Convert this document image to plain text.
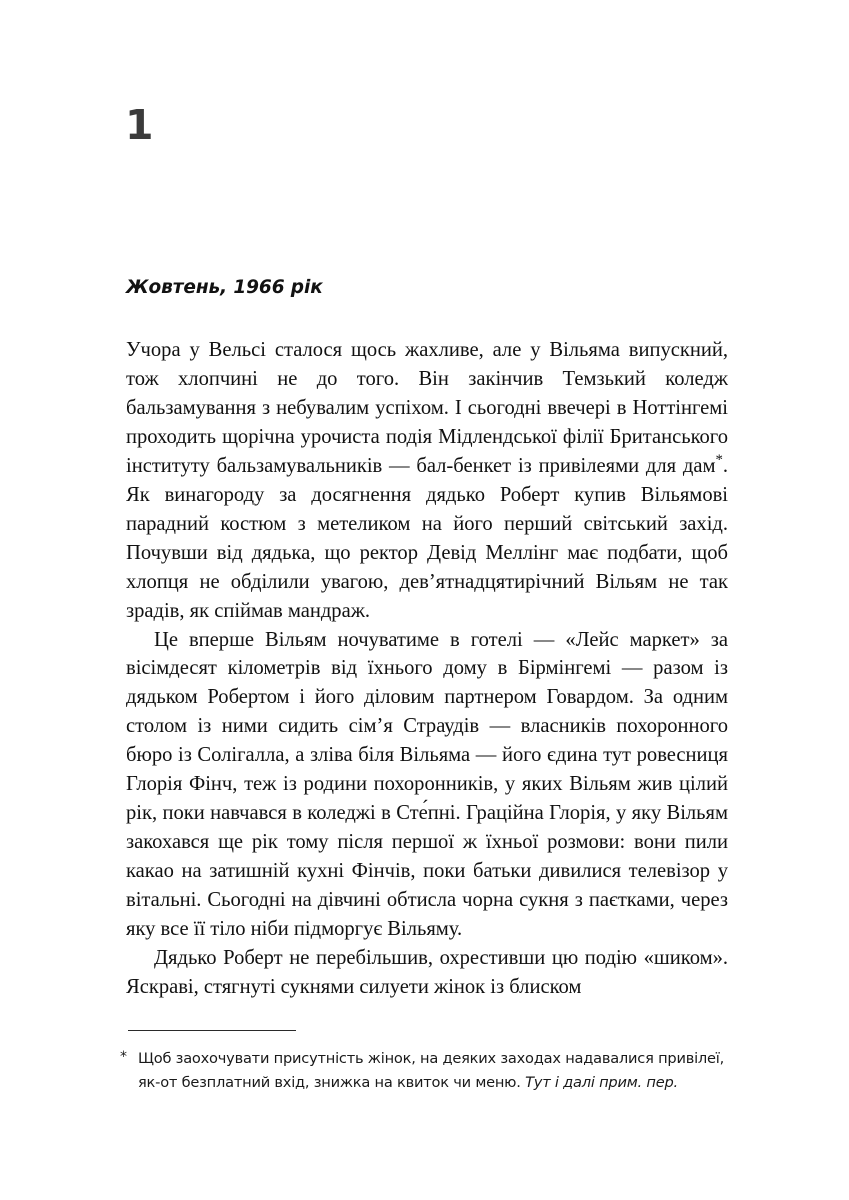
1
Жовтень, 1966 рік

Учора у Вельсі сталося щось жахливе, але у Вільяма випускний, тож хлопчині не до того. Він закінчив Темзький коледж бальзамування з небувалим успіхом. І сьогодні ввечері в Ноттінгемі проходить щорічна урочиста подія Мідлендської філії Британського інституту бальзамувальників — бал-бенкет із привілеями для дам*. Як винагороду за досягнення дядько Роберт купив Вільямові парадний костюм з метеликом на його перший світський захід. Почувши від дядька, що ректор Девід Меллінг має подбати, щоб хлопця не обділили увагою, дев’ятнадцятирічний Вільям не так зрадів, як спіймав мандраж.

Це вперше Вільям ночуватиме в готелі — «Лейс маркет» за вісімдесят кілометрів від їхнього дому в Бірмінгемі — разом із дядьком Робертом і його діловим партнером Говардом. За одним столом із ними сидить сім’я Страудів — власників похоронного бюро із Солігалла, а зліва біля Вільяма — його єдина тут ровесниця Глорія Фінч, теж із родини похоронників, у яких Вільям жив цілий рік, поки навчався в коледжі в Сте́пні. Граційна Глорія, у яку Вільям закохався ще рік тому після першої ж їхньої розмови: вони пили какао на затишній кухні Фінчів, поки батьки дивилися телевізор у вітальні. Сьогодні на дівчині обтисла чорна сукня з паєтками, через яку все її тіло ніби підморгує Вільяму.

Дядько Роберт не перебільшив, охрестивши цю подію «шиком». Яскраві, стягнуті сукнями силуети жінок із блиском

* Щоб заохочувати присутність жінок, на деяких заходах надавалися привілеї, як-от безплатний вхід, знижка на квиток чи меню. Тут і далі прим. пер.
